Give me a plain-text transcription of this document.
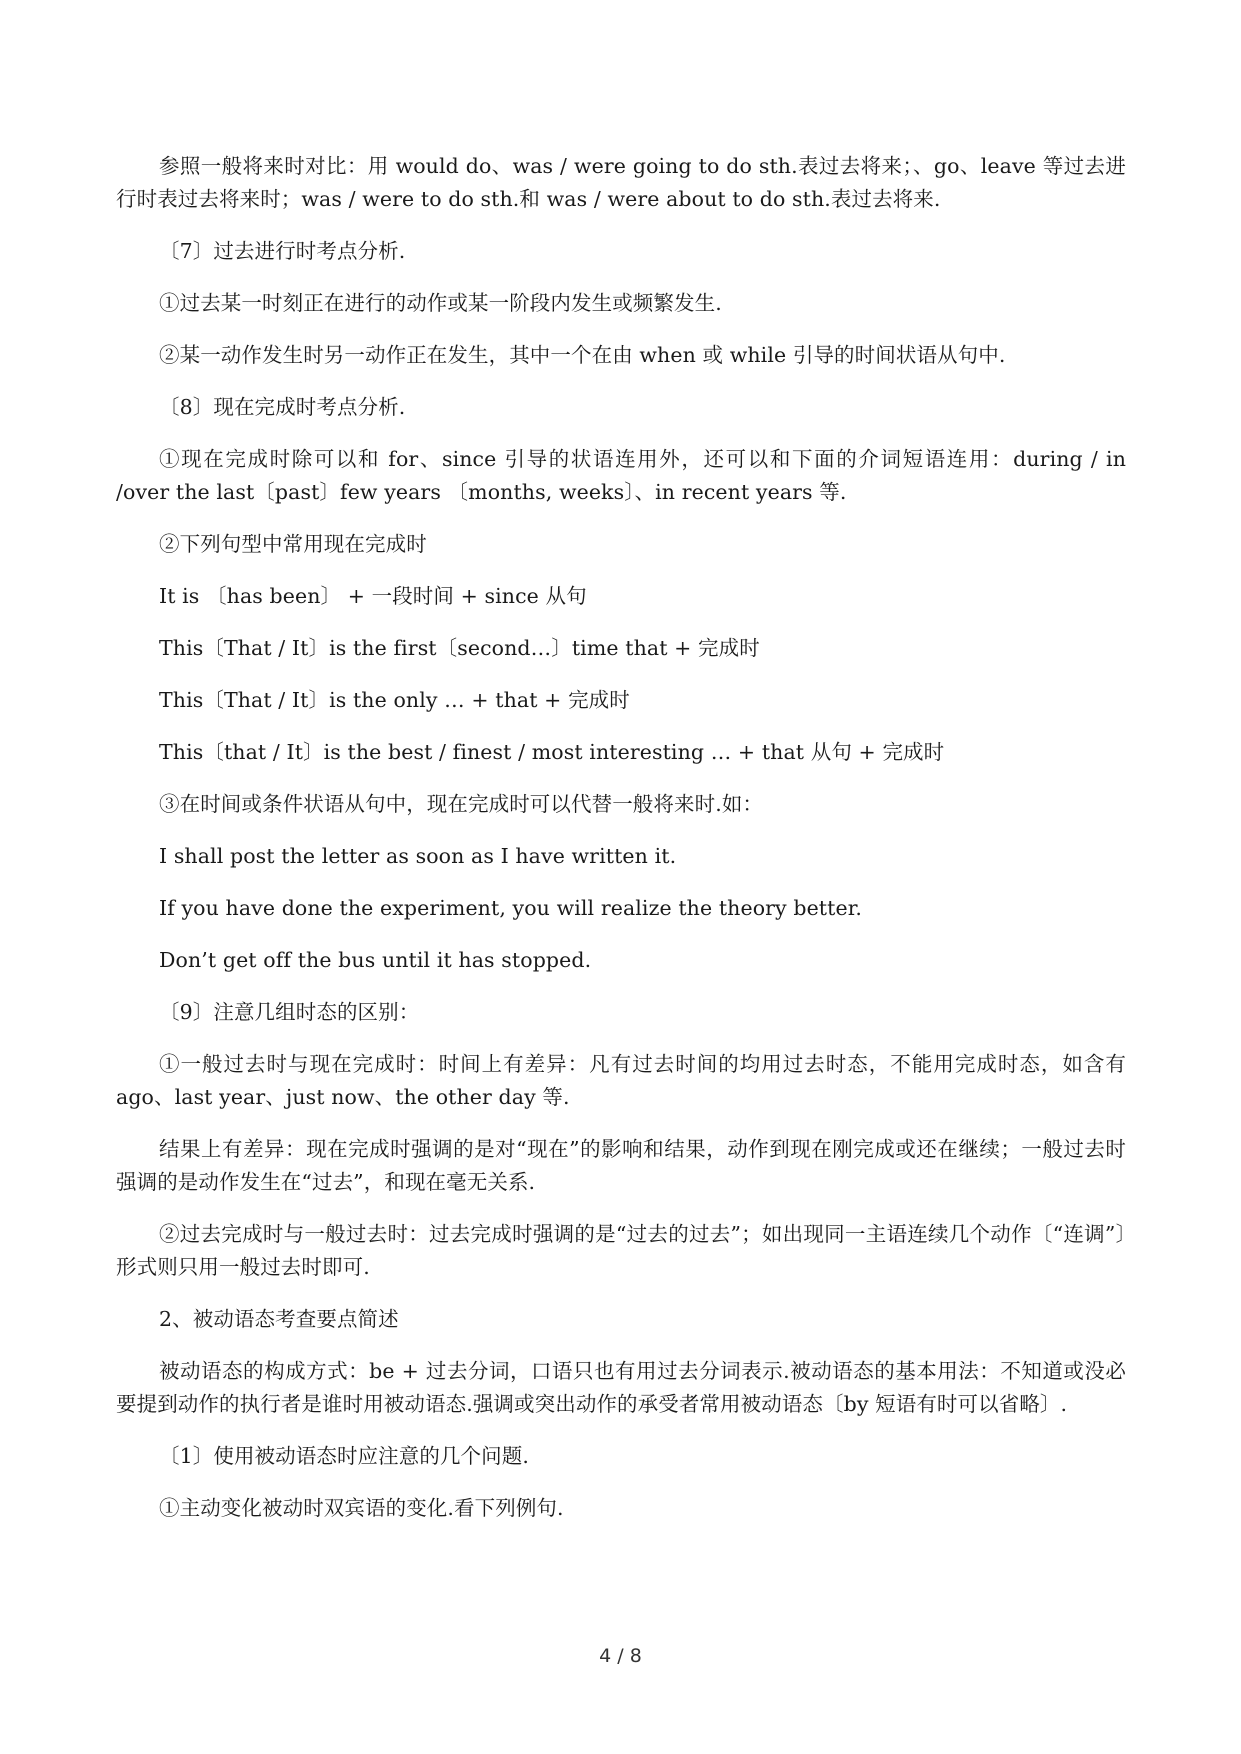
参照一般将来时对比：用 would do、was / were going to do sth.表过去将来；、go、leave 等过去进行时表过去将来时；was / were to do sth.和 was / were about to do sth.表过去将来.

〔7〕过去进行时考点分析.

①过去某一时刻正在进行的动作或某一阶段内发生或频繁发生.

②某一动作发生时另一动作正在发生，其中一个在由 when 或 while 引导的时间状语从句中.

〔8〕现在完成时考点分析.

①现在完成时除可以和 for、since 引导的状语连用外，还可以和下面的介词短语连用：during / in /over the last〔past〕few years 〔months, weeks〕、in recent years 等.

②下列句型中常用现在完成时

It is 〔has been〕 + 一段时间 + since 从句

This〔That / It〕is the first〔second…〕time that + 完成时

This〔That / It〕is the only … + that + 完成时

This〔that / It〕is the best / finest / most interesting … + that 从句 + 完成时

③在时间或条件状语从句中，现在完成时可以代替一般将来时.如：

I shall post the letter as soon as I have written it.

If you have done the experiment, you will realize the theory better.

Don’t get off the bus until it has stopped.

〔9〕注意几组时态的区别：

①一般过去时与现在完成时：时间上有差异：凡有过去时间的均用过去时态，不能用完成时态，如含有 ago、last year、just now、the other day 等.

结果上有差异：现在完成时强调的是对“现在”的影响和结果，动作到现在刚完成或还在继续；一般过去时强调的是动作发生在“过去”，和现在毫无关系.

②过去完成时与一般过去时：过去完成时强调的是“过去的过去”；如出现同一主语连续几个动作〔“连调”〕形式则只用一般过去时即可.

2、被动语态考查要点简述

被动语态的构成方式：be + 过去分词，口语只也有用过去分词表示.被动语态的基本用法：不知道或没必要提到动作的执行者是谁时用被动语态.强调或突出动作的承受者常用被动语态〔by 短语有时可以省略〕.

〔1〕使用被动语态时应注意的几个问题.

①主动变化被动时双宾语的变化.看下列例句.

4 / 8
